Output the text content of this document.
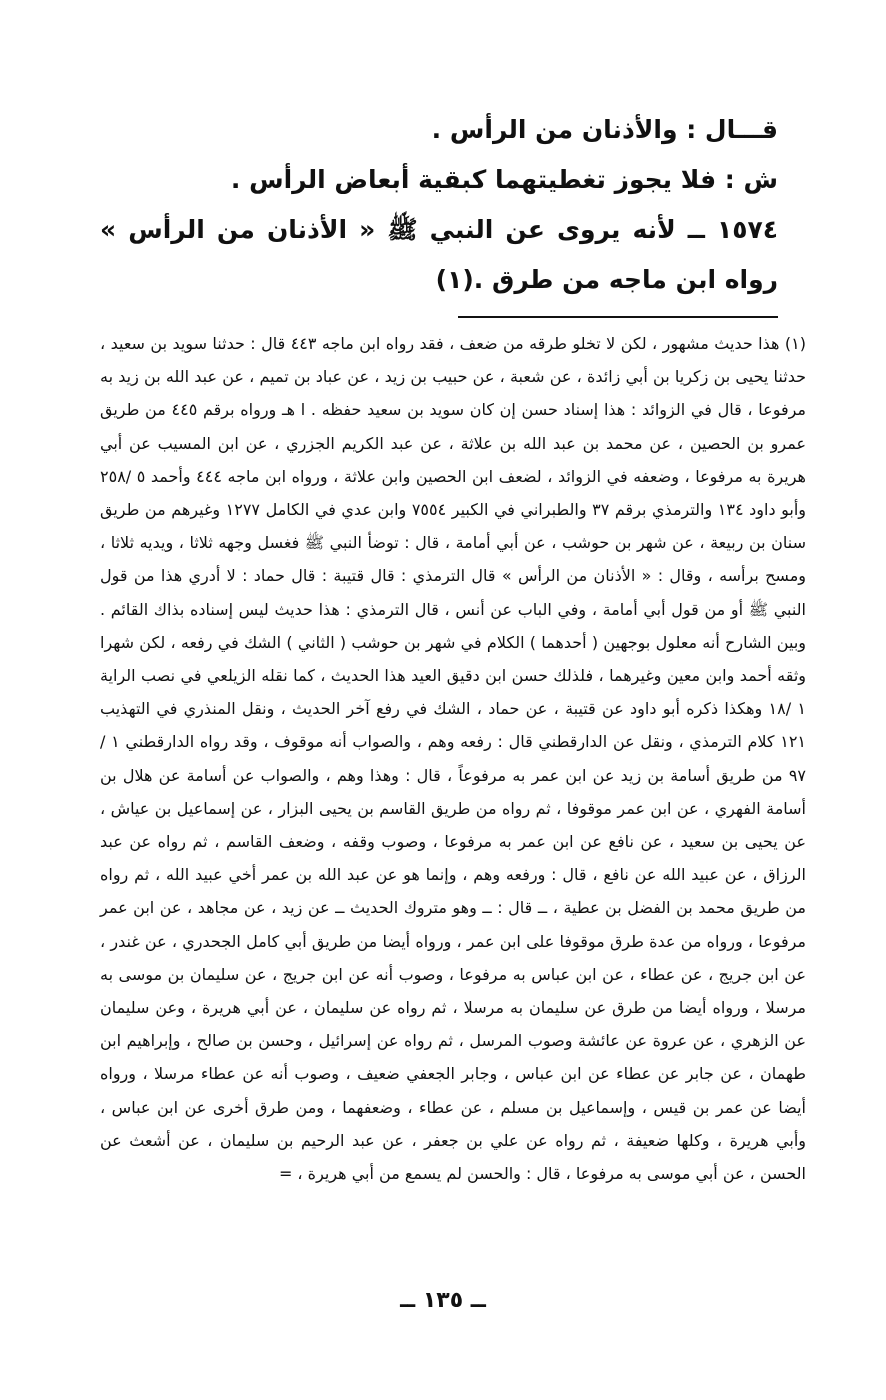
قـــال : والأذنان من الرأس .

ش : فلا يجوز تغطيتهما كبقية أبعاض الرأس .

١٥٧٤ ــ لأنه يروى عن النبي ﷺ « الأذنان من الرأس » رواه ابن ماجه من طرق .(١)

(١) هذا حديث مشهور ، لكن لا تخلو طرقه من ضعف ، فقد رواه ابن ماجه ٤٤٣ قال : حدثنا سويد بن سعيد ، حدثنا يحيى بن زكريا بن أبي زائدة ، عن شعبة ، عن حبيب بن زيد ، عن عباد بن تميم ، عن عبد الله بن زيد به مرفوعا ، قال في الزوائد : هذا إسناد حسن إن كان سويد بن سعيد حفظه . ا هـ ورواه برقم ٤٤٥ من طريق عمرو بن الحصين ، عن محمد بن عبد الله بن علاثة ، عن عبد الكريم الجزري ، عن ابن المسيب عن أبي هريرة به مرفوعا ، وضعفه في الزوائد ، لضعف ابن الحصين وابن علاثة ، ورواه ابن ماجه ٤٤٤ وأحمد ٥ /٢٥٨ وأبو داود ١٣٤ والترمذي برقم ٣٧ والطبراني في الكبير ٧٥٥٤ وابن عدي في الكامل ١٢٧٧ وغيرهم من طريق سنان بن ربيعة ، عن شهر بن حوشب ، عن أبي أمامة ، قال : توضأ النبي ﷺ فغسل وجهه ثلاثا ، ويديه ثلاثا ، ومسح برأسه ، وقال : « الأذنان من الرأس » قال الترمذي : قال قتيبة : قال حماد : لا أدري هذا من قول النبي ﷺ أو من قول أبي أمامة ، وفي الباب عن أنس ، قال الترمذي : هذا حديث ليس إسناده بذاك القائم . وبين الشارح أنه معلول بوجهين ( أحدهما ) الكلام في شهر بن حوشب ( الثاني ) الشك في رفعه ، لكن شهرا وثقه أحمد وابن معين وغيرهما ، فلذلك حسن ابن دقيق العيد هذا الحديث ، كما نقله الزيلعي في نصب الراية ١ /١٨ وهكذا ذكره أبو داود عن قتيبة ، عن حماد ، الشك في رفع آخر الحديث ، ونقل المنذري في التهذيب ١٢١ كلام الترمذي ، ونقل عن الدارقطني قال : رفعه وهم ، والصواب أنه موقوف ، وقد رواه الدارقطني ١ /٩٧ من طريق أسامة بن زيد عن ابن عمر به مرفوعاً ، قال : وهذا وهم ، والصواب عن أسامة عن هلال بن أسامة الفهري ، عن ابن عمر موقوفا ، ثم رواه من طريق القاسم بن يحيى البزار ، عن إسماعيل بن عياش ، عن يحيى بن سعيد ، عن نافع عن ابن عمر به مرفوعا ، وصوب وقفه ، وضعف القاسم ، ثم رواه عن عبد الرزاق ، عن عبيد الله عن نافع ، قال : ورفعه وهم ، وإنما هو عن عبد الله بن عمر أخي عبيد الله ، ثم رواه من طريق محمد بن الفضل بن عطية ، ــ قال : ــ وهو متروك الحديث ــ عن زيد ، عن مجاهد ، عن ابن عمر مرفوعا ، ورواه من عدة طرق موقوفا على ابن عمر ، ورواه أيضا من طريق أبي كامل الجحدري ، عن غندر ، عن ابن جريج ، عن عطاء ، عن ابن عباس به مرفوعا ، وصوب أنه عن ابن جريج ، عن سليمان بن موسى به مرسلا ، ورواه أيضا من طرق عن سليمان به مرسلا ، ثم رواه عن سليمان ، عن أبي هريرة ، وعن سليمان عن الزهري ، عن عروة عن عائشة وصوب المرسل ، ثم رواه عن إسرائيل ، وحسن بن صالح ، وإبراهيم ابن طهمان ، عن جابر عن عطاء عن ابن عباس ، وجابر الجعفي ضعيف ، وصوب أنه عن عطاء مرسلا ، ورواه أيضا عن عمر بن قيس ، وإسماعيل بن مسلم ، عن عطاء ، وضعفهما ، ومن طرق أخرى عن ابن عباس ، وأبي هريرة ، وكلها ضعيفة ، ثم رواه عن علي بن جعفر ، عن عبد الرحيم بن سليمان ، عن أشعث عن الحسن ، عن أبي موسى به مرفوعا ، قال : والحسن لم يسمع من أبي هريرة ، =

ــ ١٣٥ ــ
